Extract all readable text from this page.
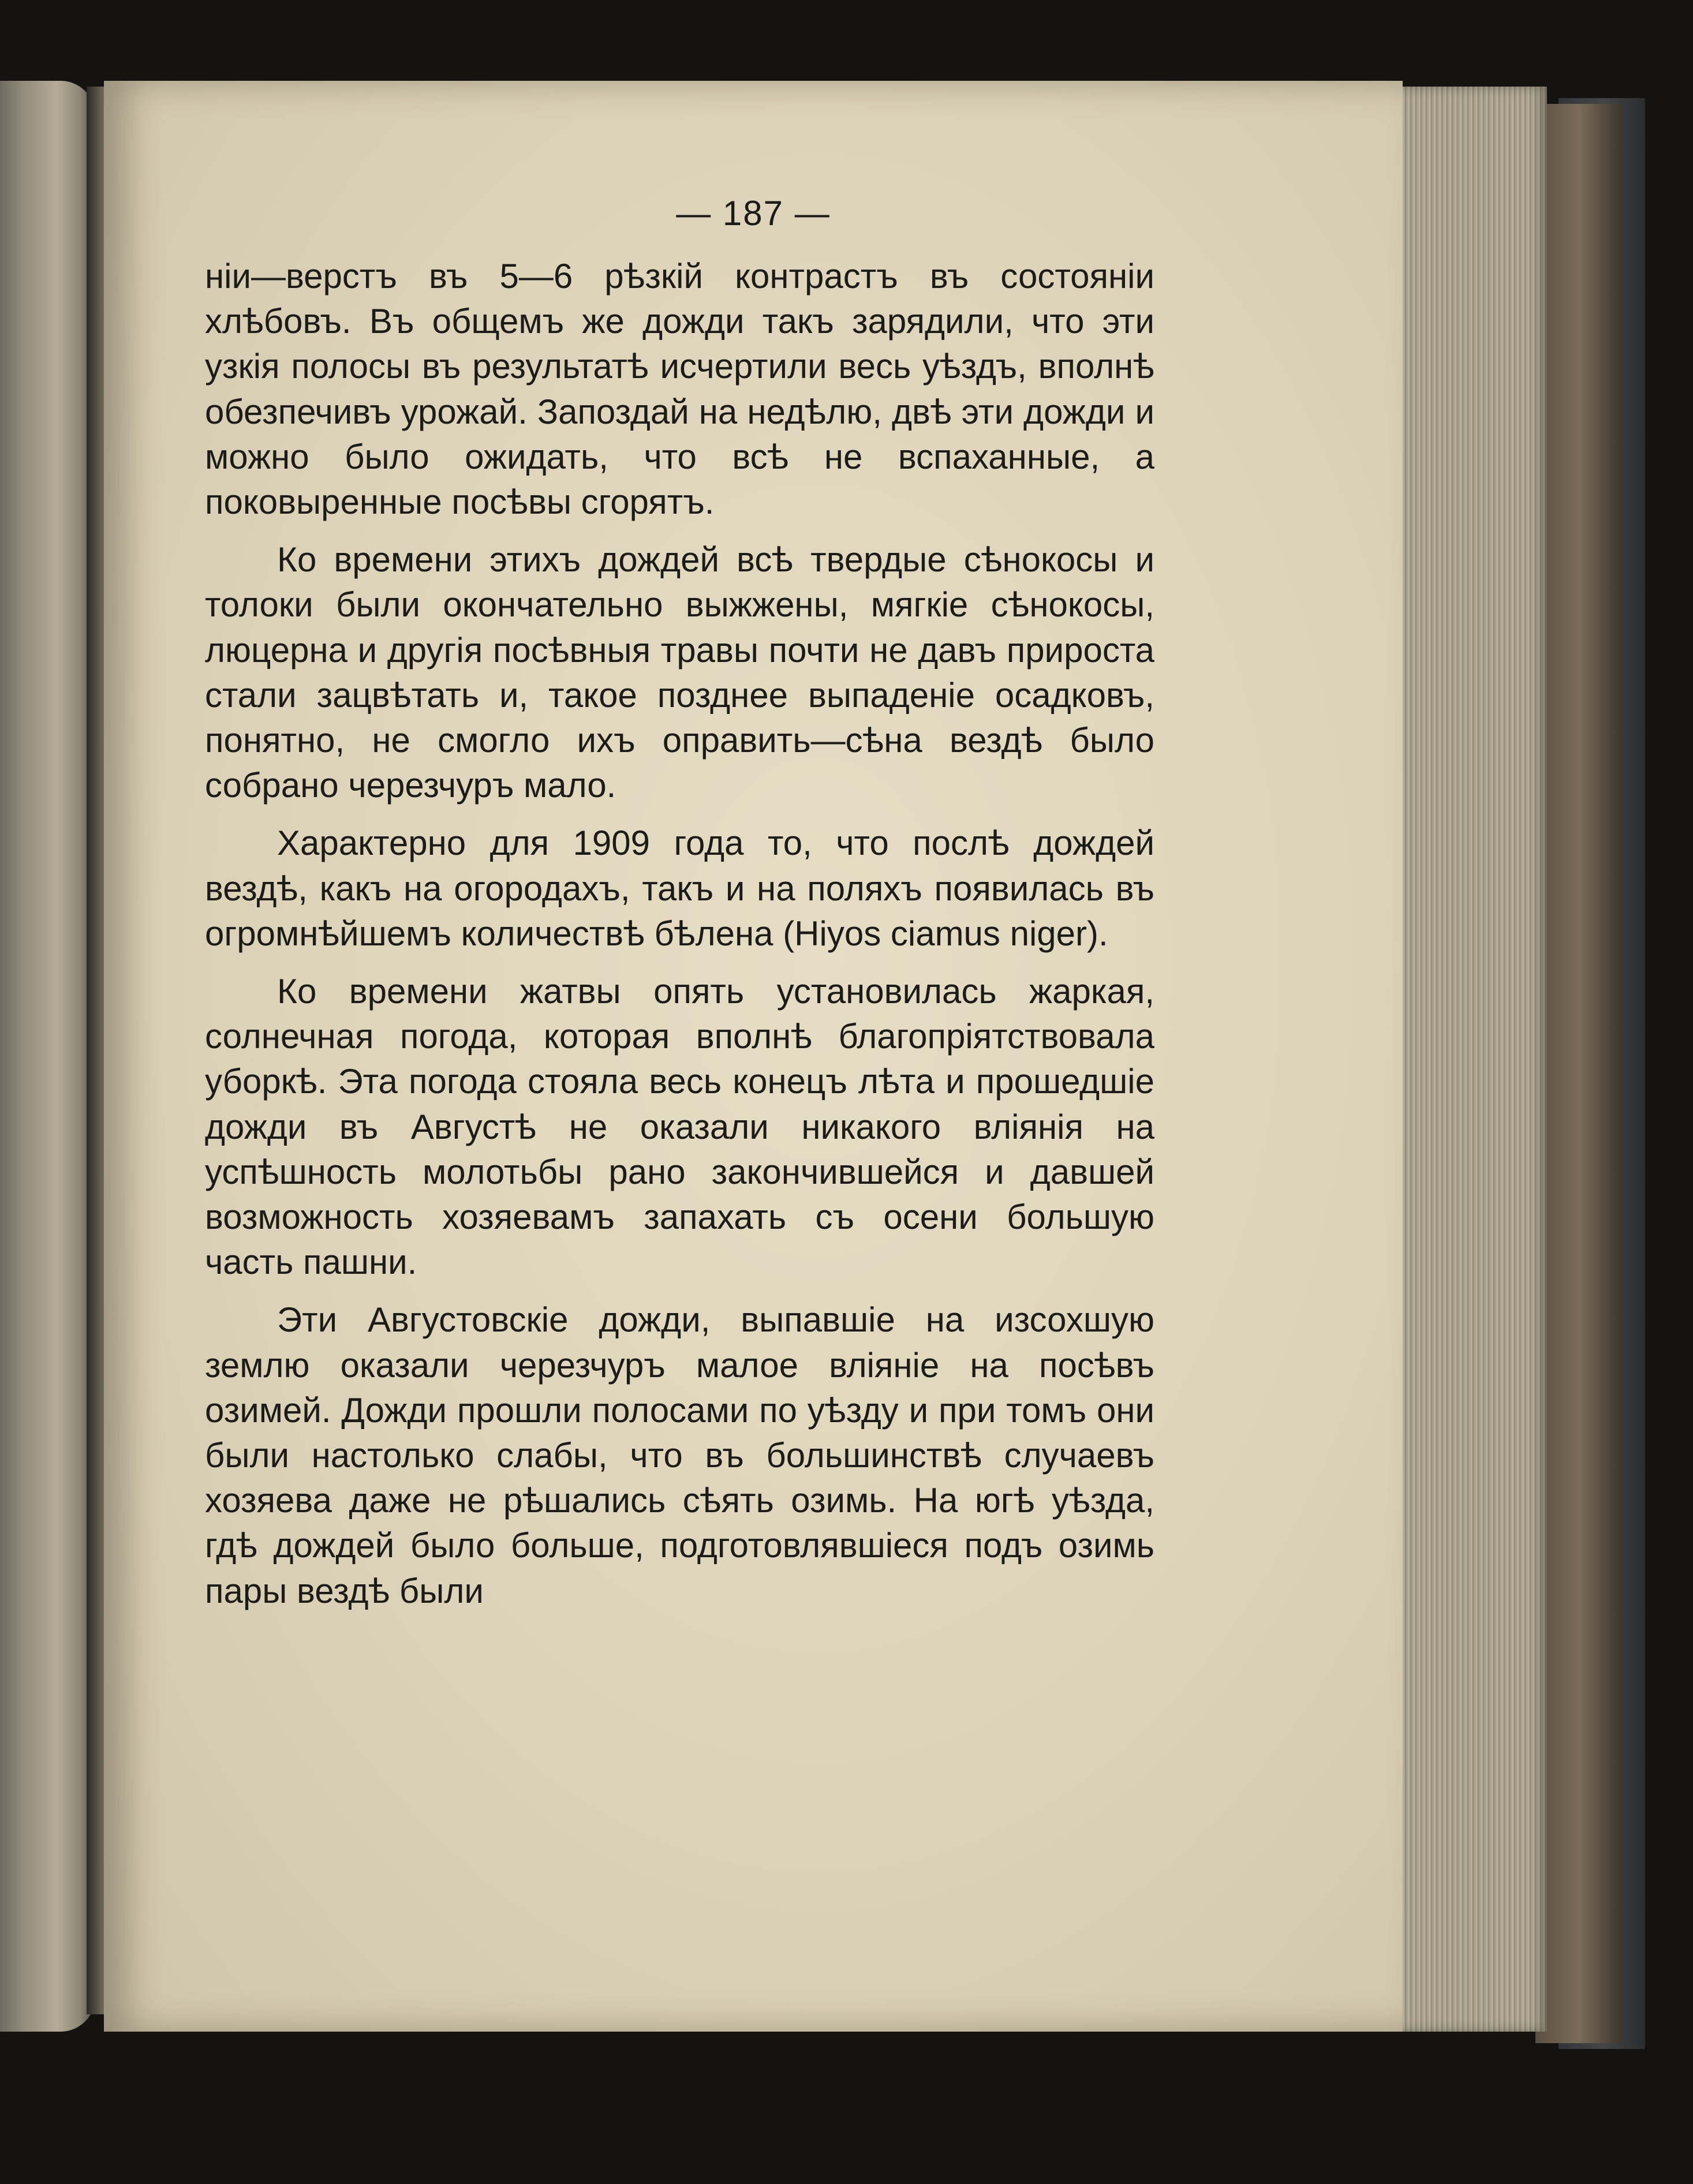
— 187 —

ніи—верстъ въ 5—6 рѣзкій контрастъ въ состояніи хлѣбовъ. Въ общемъ же дожди такъ зарядили, что эти узкія полосы въ результатѣ исчертили весь уѣздъ, вполнѣ обезпечивъ урожай. Запоздай на недѣлю, двѣ эти дожди и можно было ожидать, что всѣ не вспаханные, а поковыренные посѣвы сгорятъ.

Ко времени этихъ дождей всѣ твердые сѣнокосы и толоки были окончательно выжжены, мягкіе сѣнокосы, люцерна и другія посѣвныя травы почти не давъ прироста стали зацвѣтать и, такое позднее выпаденіе осадковъ, понятно, не смогло ихъ оправить—сѣна вездѣ было собрано черезчуръ мало.

Характерно для 1909 года то, что послѣ дождей вездѣ, какъ на огородахъ, такъ и на поляхъ появилась въ огромнѣйшемъ количествѣ бѣлена (Hiyos ciamus niger).

Ко времени жатвы опять установилась жаркая, солнечная погода, которая вполнѣ благопріятствовала уборкѣ. Эта погода стояла весь конецъ лѣта и прошедшіе дожди въ Августѣ не оказали никакого вліянія на успѣшность молотьбы рано закончившейся и давшей возможность хозяевамъ запахать съ осени большую часть пашни.

Эти Августовскіе дожди, выпавшіе на изсохшую землю оказали черезчуръ малое вліяніе на посѣвъ озимей. Дожди прошли полосами по уѣзду и при томъ они были настолько слабы, что въ большинствѣ случаевъ хозяева даже не рѣшались сѣять озимь. На югѣ уѣзда, гдѣ дождей было больше, подготовлявшіеся подъ озимь пары вездѣ были
